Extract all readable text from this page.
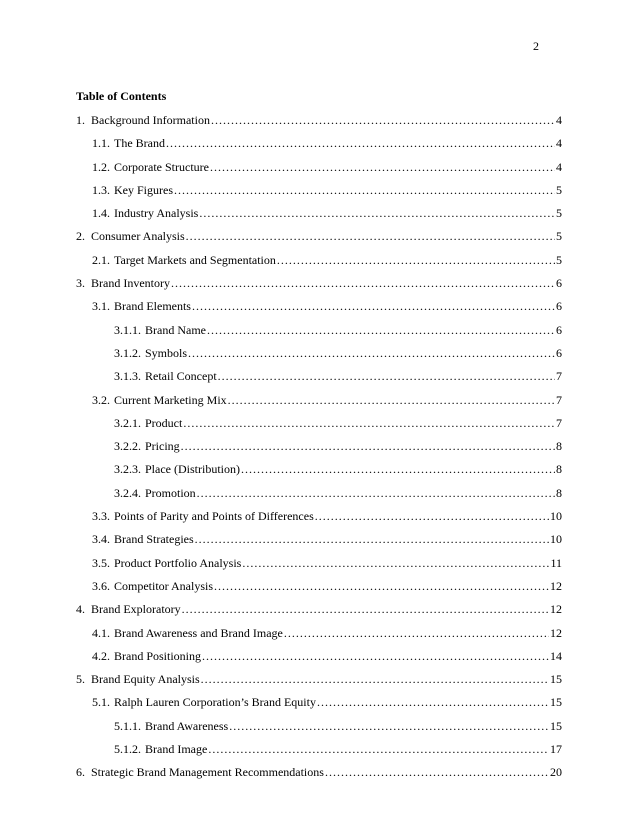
2
Table of Contents
1. Background Information .....	4
1.1. The Brand .....	4
1.2. Corporate Structure .....	4
1.3. Key Figures .....	5
1.4. Industry Analysis .....	5
2. Consumer Analysis .....	5
2.1. Target Markets and Segmentation .....	5
3. Brand Inventory .....	6
3.1. Brand Elements .....	6
3.1.1. Brand Name .....	6
3.1.2. Symbols .....	6
3.1.3. Retail Concept .....	7
3.2. Current Marketing Mix .....	7
3.2.1. Product .....	7
3.2.2. Pricing .....	8
3.2.3. Place (Distribution) .....	8
3.2.4. Promotion .....	8
3.3. Points of Parity and Points of Differences .....	10
3.4. Brand Strategies .....	10
3.5. Product Portfolio Analysis .....	11
3.6. Competitor Analysis .....	12
4. Brand Exploratory .....	12
4.1. Brand Awareness and Brand Image .....	12
4.2. Brand Positioning .....	14
5. Brand Equity Analysis .....	15
5.1. Ralph Lauren Corporation’s Brand Equity .....	15
5.1.1. Brand Awareness .....	15
5.1.2. Brand Image .....	17
6. Strategic Brand Management Recommendations .....	20
